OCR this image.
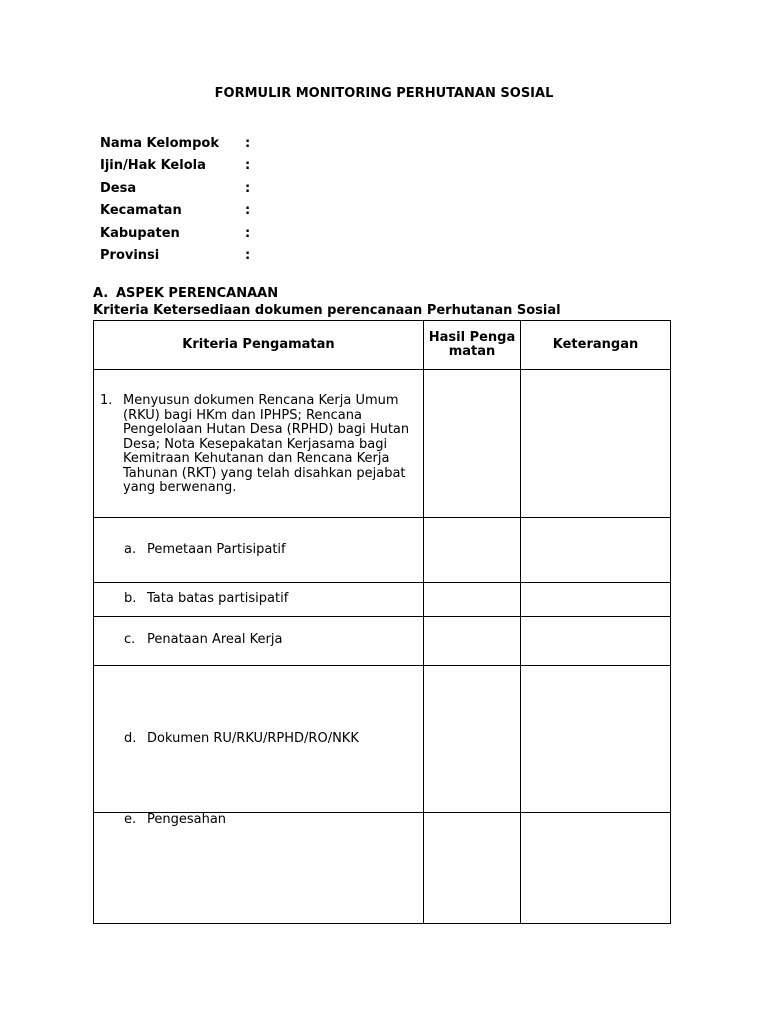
FORMULIR MONITORING PERHUTANAN SOSIAL
Nama Kelompok :
Ijin/Hak Kelola	:
Desa	:
Kecamatan	:
Kabupaten	:
Provinsi	:
A. ASPEK PERENCANAAN
Kriteria Ketersediaan dokumen perencanaan Perhutanan Sosial
Kriteria Pengamatan	Hasil Pengamatan	Keterangan

1. Menyusun dokumen Rencana Kerja Umum (RKU) bagi HKm dan IPHPS; Rencana Pengelolaan Hutan Desa (RPHD) bagi Hutan Desa; Nota Kesepakatan Kerjasama bagi Kemitraan Kehutanan dan Rencana Kerja Tahunan (RKT) yang telah disahkan pejabat yang berwenang.		

a. Pemetaan Partisipatif		

b. Tata batas partisipatif		

c. Penataan Areal Kerja		

d. Dokumen RU/RKU/RPHD/RO/NKK		

e. Pengesahan		
